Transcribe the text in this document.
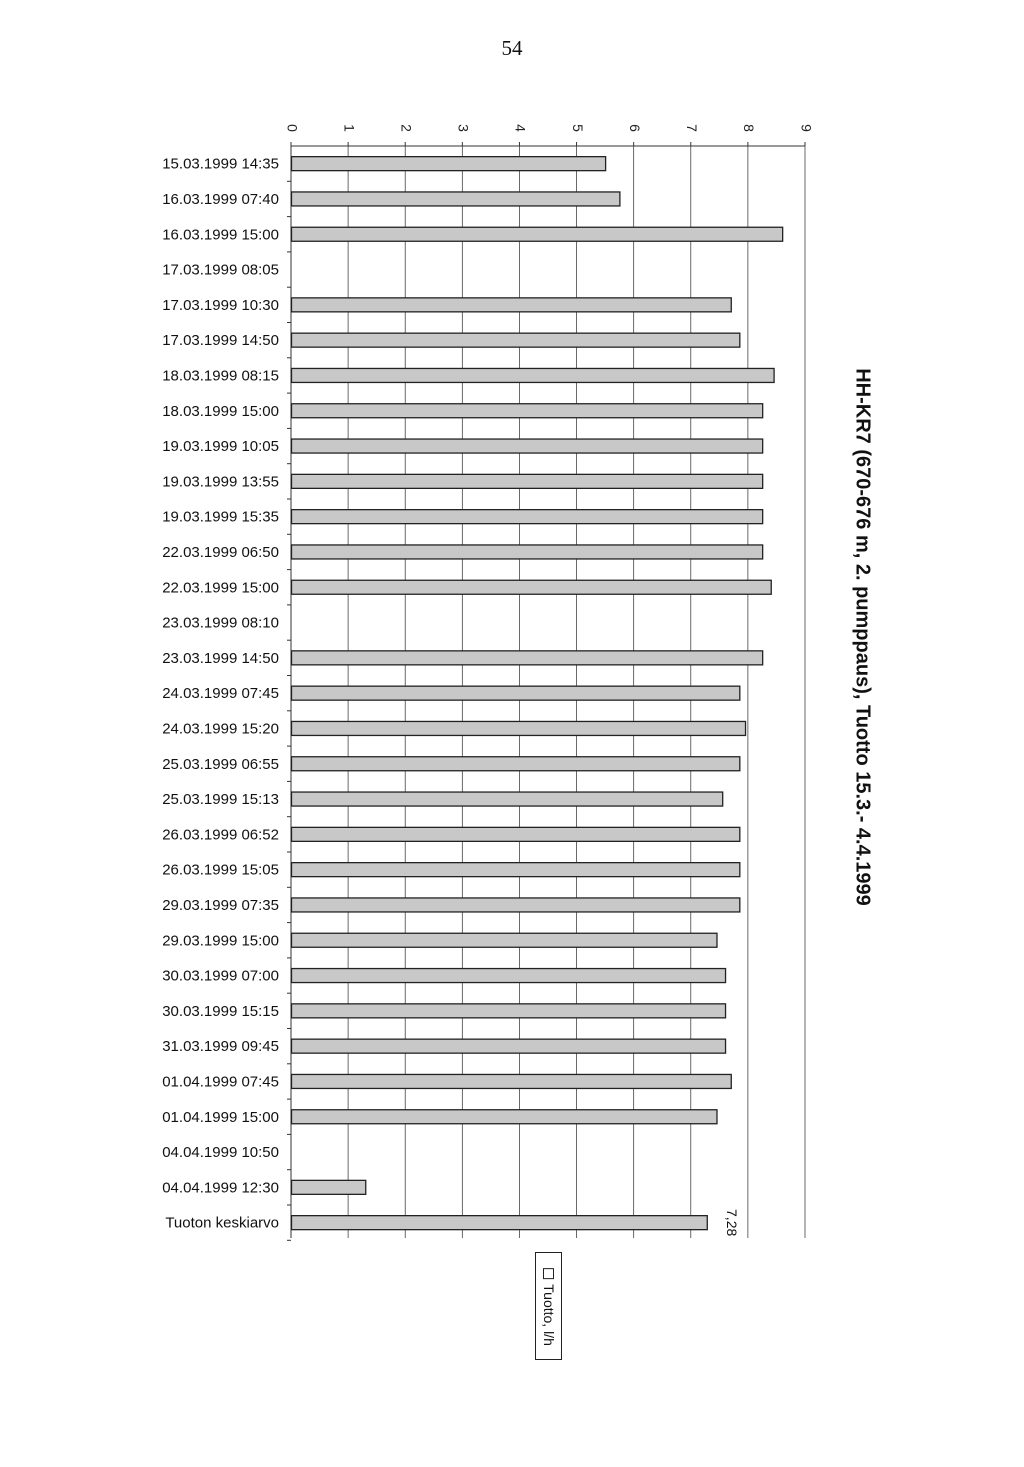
54
0	1	2	3	4	5	6	7	8	9
15.03.1999 14:35
16.03.1999 07:40
16.03.1999 15:00
17.03.1999 08:05
17.03.1999 10:30
17.03.1999 14:50
18.03.1999 08:15
18.03.1999 15:00
19.03.1999 10:05
19.03.1999 13:55
19.03.1999 15:35
22.03.1999 06:50
22.03.1999 15:00
23.03.1999 08:10
23.03.1999 14:50
24.03.1999 07:45
24.03.1999 15:20
25.03.1999 06:55
25.03.1999 15:13
26.03.1999 06:52
26.03.1999 15:05
29.03.1999 07:35
29.03.1999 15:00
30.03.1999 07:00
30.03.1999 15:15
31.03.1999 09:45
01.04.1999 07:45
01.04.1999 15:00
04.04.1999 10:50
04.04.1999 12:30
Tuoton keskiarvo	7,28
HH-KR7 (670-676 m, 2. pumppaus), Tuotto 15.3.- 4.4.1999
Tuotto, l/h
